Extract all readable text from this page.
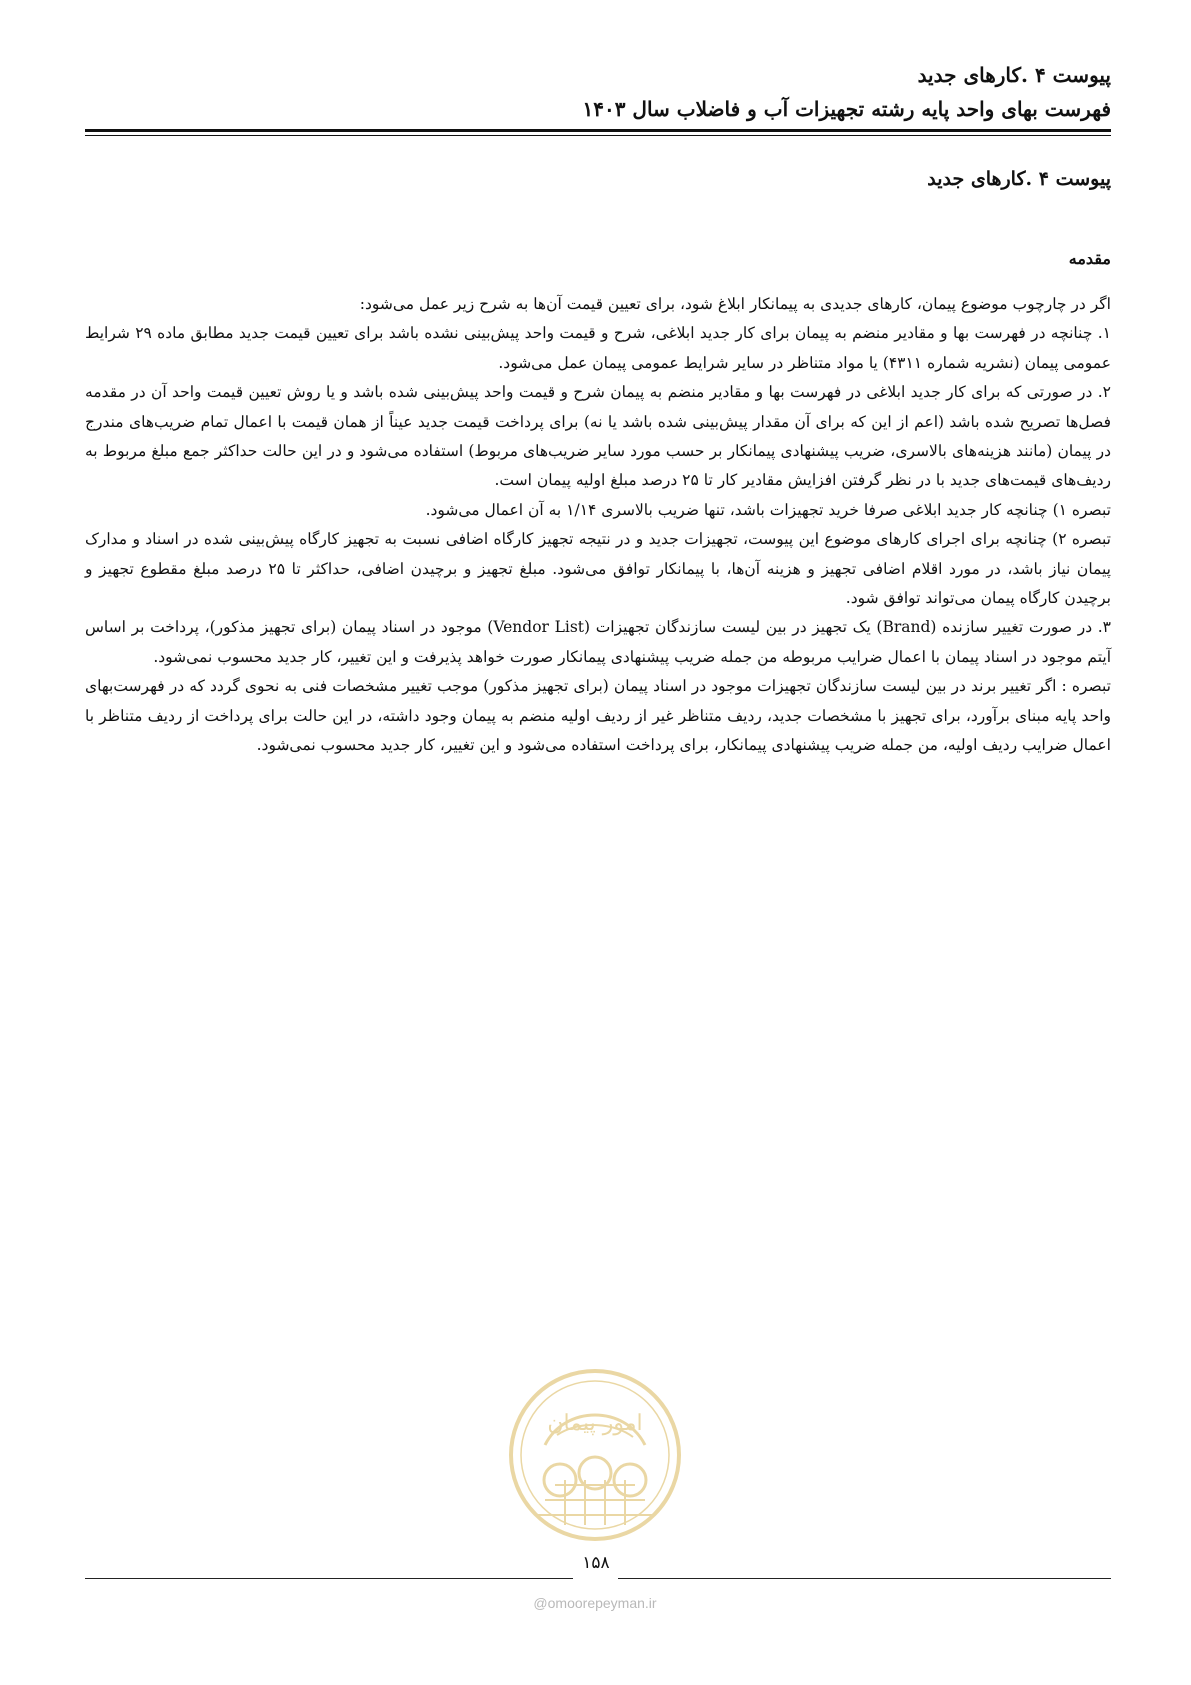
پیوست ۴ .کارهای جدید
فهرست بهای واحد پایه رشته تجهیزات آب و فاضلاب سال ۱۴۰۳
پیوست ۴ .کارهای جدید
مقدمه

اگر در چارچوب موضوع پیمان، کارهای جدیدی به پیمانکار ابلاغ شود، برای تعیین قیمت آن‌ها به شرح زیر عمل می‌شود:

۱. چنانچه در فهرست بها و مقادیر منضم به پیمان برای کار جدید ابلاغی، شرح و قیمت واحد پیش‌بینی نشده باشد برای تعیین قیمت جدید مطابق ماده ۲۹ شرایط عمومی پیمان (نشریه شماره ۴۳۱۱) یا مواد متناظر در سایر شرایط عمومی پیمان عمل می‌شود.

۲. در صورتی که برای کار جدید ابلاغی در فهرست بها و مقادیر منضم به پیمان شرح و قیمت واحد پیش‌بینی شده باشد و یا روش تعیین قیمت واحد آن در مقدمه فصل‌ها تصریح شده باشد (اعم از این که برای آن مقدار پیش‌بینی شده باشد یا نه) برای پرداخت قیمت جدید عیناً از همان قیمت با اعمال تمام ضریب‌های مندرج در پیمان (مانند هزینه‌های بالاسری، ضریب پیشنهادی پیمانکار بر حسب مورد سایر ضریب‌های مربوط) استفاده می‌شود و در این حالت حداکثر جمع مبلغ مربوط به ردیف‌های قیمت‌های جدید با در نظر گرفتن افزایش مقادیر کار تا ۲۵ درصد مبلغ اولیه پیمان است.

تبصره ۱) چنانچه کار جدید ابلاغی صرفا خرید تجهیزات باشد، تنها ضریب بالاسری ۱/۱۴ به آن اعمال می‌شود.

تبصره ۲) چنانچه برای اجرای کارهای موضوع این پیوست، تجهیزات جدید و در نتیجه تجهیز کارگاه اضافی نسبت به تجهیز کارگاه پیش‌بینی شده در اسناد و مدارک پیمان نیاز باشد، در مورد اقلام اضافی تجهیز و هزینه آن‌ها، با پیمانکار توافق می‌شود. مبلغ تجهیز و برچیدن اضافی، حداکثر تا ۲۵ درصد مبلغ مقطوع تجهیز و برچیدن کارگاه پیمان می‌تواند توافق شود.

۳. در صورت تغییر سازنده (Brand) یک تجهیز در بین لیست سازندگان تجهیزات (Vendor List) موجود در اسناد پیمان (برای تجهیز مذکور)، پرداخت بر اساس آیتم موجود در اسناد پیمان با اعمال ضرایب مربوطه من جمله ضریب پیشنهادی پیمانکار صورت خواهد پذیرفت و این تغییر، کار جدید محسوب نمی‌شود.

تبصره : اگر تغییر برند در بین لیست سازندگان تجهیزات موجود در اسناد پیمان (برای تجهیز مذکور) موجب تغییر مشخصات فنی به نحوی گردد که در فهرست‌بهای واحد پایه مبنای برآورد، برای تجهیز با مشخصات جدید، ردیف متناظر غیر از ردیف اولیه منضم به پیمان وجود داشته، در این حالت برای پرداخت از ردیف متناظر با اعمال ضرایب ردیف اولیه، من جمله ضریب پیشنهادی پیمانکار، برای پرداخت استفاده می‌شود و این تغییر، کار جدید محسوب نمی‌شود.

امور پیمان
۱۵۸
@omoorepeyman.ir
